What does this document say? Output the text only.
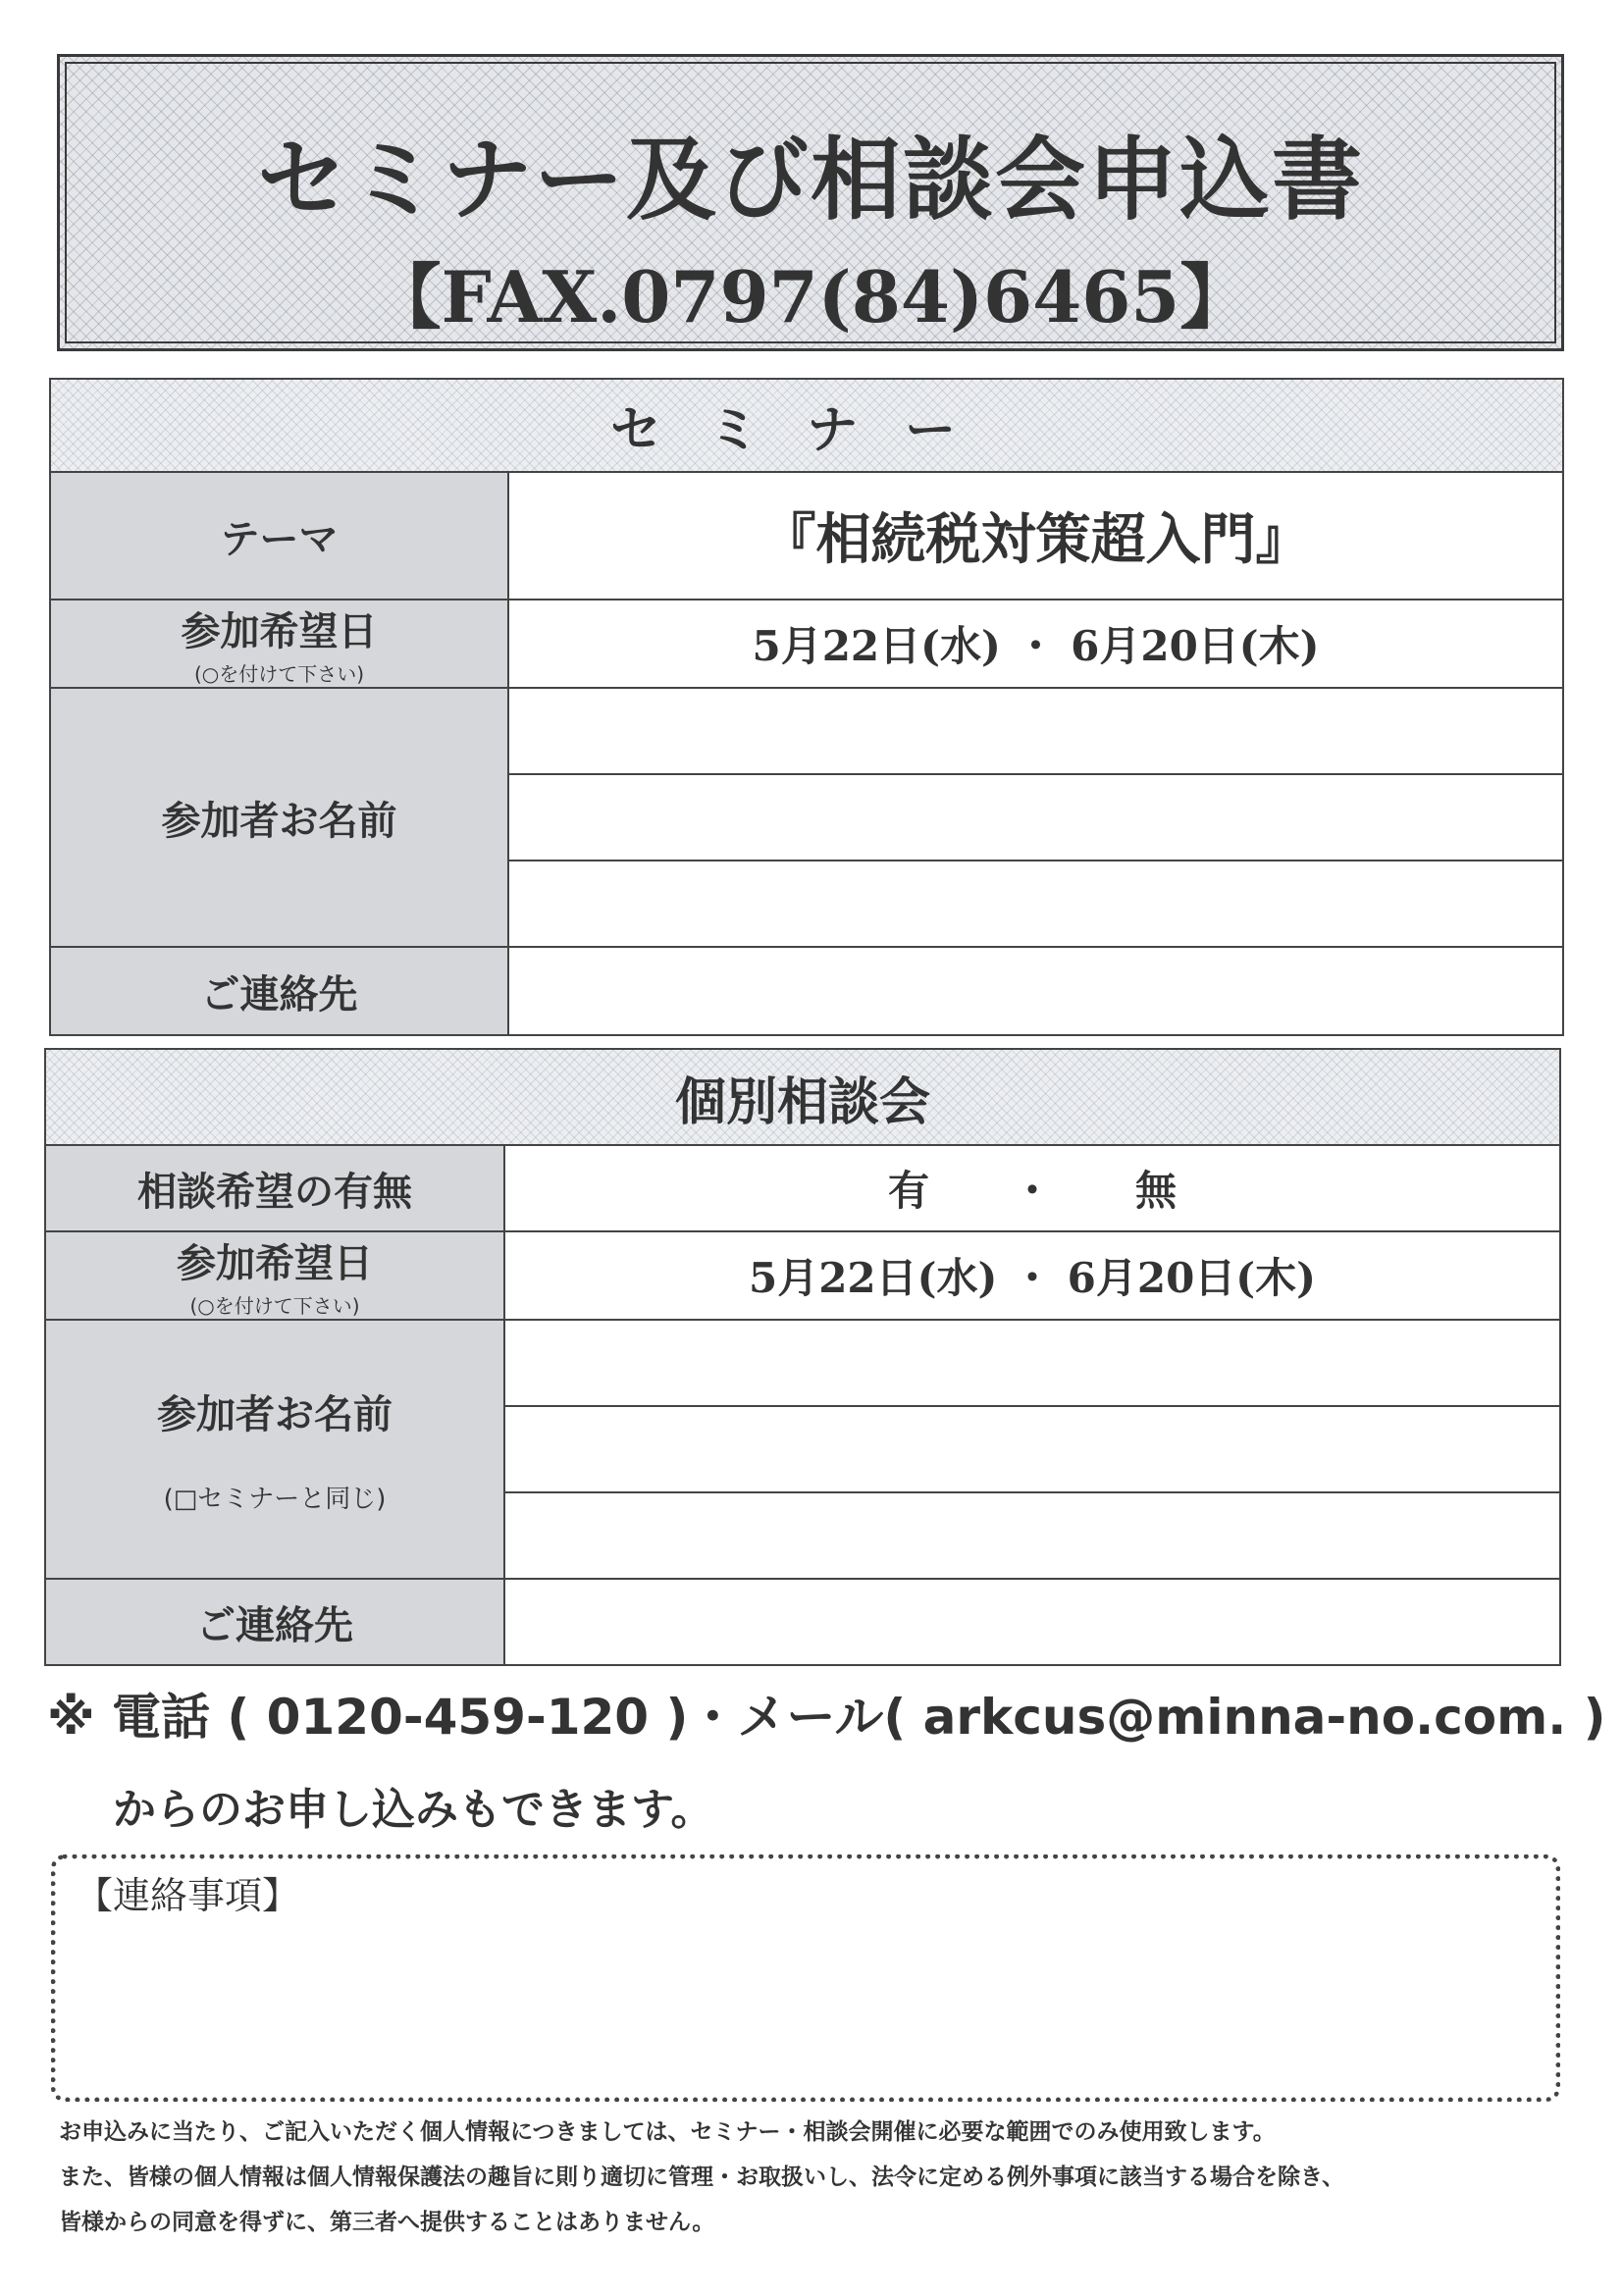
セミナー及び相談会申込書
【FAX.0797(84)6465】
セミナー	
テーマ	『相続税対策超入門』
参加希望日
(○を付けて下さい)	5月22日(水) ・ 6月20日(木)
参加者お名前	

ご連絡先	
個別相談会	
相談希望の有無	有　　・　　無
参加希望日
(○を付けて下さい)	5月22日(水) ・ 6月20日(木)
参加者お名前
(□セミナーと同じ)	

ご連絡先	
※ 電話 ( 0120-459-120 )・メール( arkcus@minna-no.com. )
からのお申し込みもできます。
【連絡事項】

お申込みに当たり、ご記入いただく個人情報につきましては、セミナー・相談会開催に必要な範囲でのみ使用致します。

また、皆様の個人情報は個人情報保護法の趣旨に則り適切に管理・お取扱いし、法令に定める例外事項に該当する場合を除き、

皆様からの同意を得ずに、第三者へ提供することはありません。
